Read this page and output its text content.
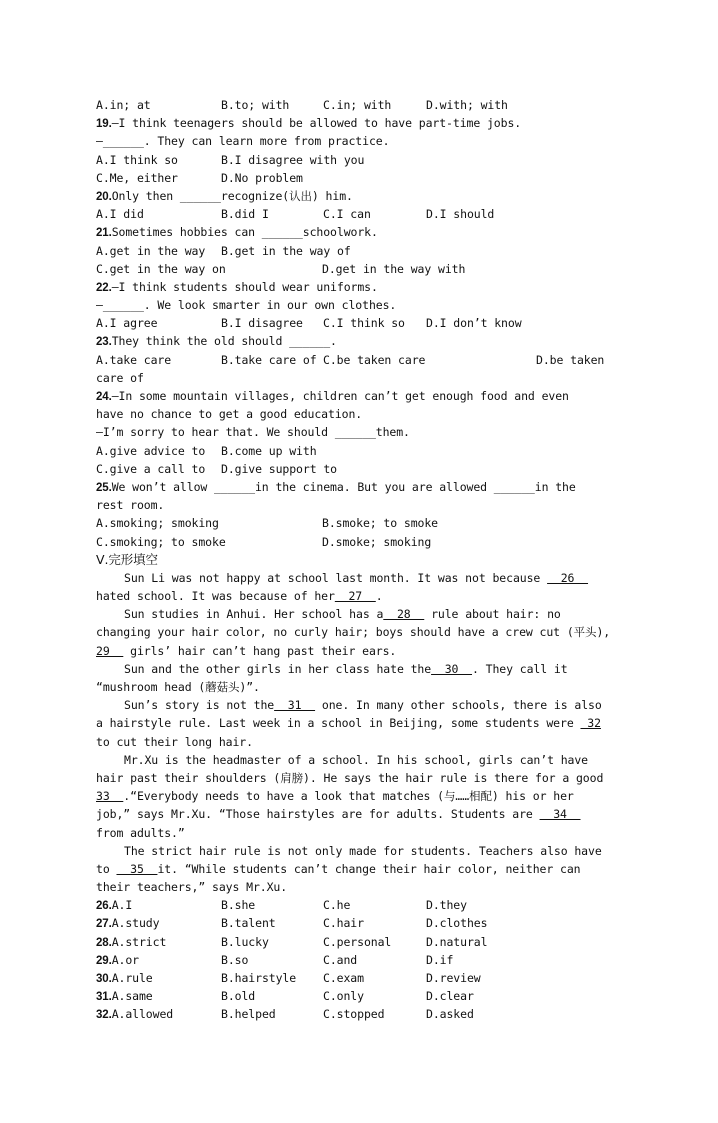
A.in; at	B.to; with	C.in; with	D.with; with
19.—I think teenagers should be allowed to have part-time jobs.
—______. They can learn more from practice.
A.I think so	B.I disagree with you
C.Me, either	D.No problem
20.Only then ______recognize(认出) him.
A.I did	B.did I	C.I can	D.I should
21.Sometimes hobbies can ______schoolwork.
A.get in the way	B.get in the way of
C.get in the way on	D.get in the way with
22.—I think students should wear uniforms.
—______. We look smarter in our own clothes.
A.I agree	B.I disagree	C.I think so	D.I don’t know
23.They think the old should ______.
A.take care	B.take care of C.be taken care	D.be taken
care of
24.—In some mountain villages, children can’t get enough food and even
have no chance to get a good education.
—I’m sorry to hear that. We should ______them.
A.give advice to	B.come up with
C.give a call to	D.give support to
25.We won’t allow ______in the cinema. But you are allowed ______in the
rest room.
A.smoking; smoking	B.smoke; to smoke
C.smoking; to smoke	D.smoke; smoking
Ⅴ.完形填空
Sun Li was not happy at school last month. It was not because   26
hated school. It was because of her  27  .
Sun studies in Anhui. Her school has a  28   rule about hair: no
changing your hair color, no curly hair; boys should have a crew cut (平头),
29   girls’ hair can’t hang past their ears.
Sun and the other girls in her class hate the  30  . They call it
“mushroom head (蘑菇头)”.
Sun’s story is not the  31   one. In many other schools, there is also
a hairstyle rule. Last week in a school in Beijing, some students were  32
to cut their long hair.
Mr.Xu is the headmaster of a school. In his school, girls can’t have
hair past their shoulders (肩膀). He says the hair rule is there for a good
33  .“Everybody needs to have a look that matches (与……相配) his or her
job,” says Mr.Xu. “Those hairstyles are for adults. Students are   34
from adults.”
The strict hair rule is not only made for students. Teachers also have
to   35  it. “While students can’t change their hair color, neither can
their teachers,” says Mr.Xu.
26.A.I	B.she	C.he	D.they
27.A.study	B.talent	C.hair	D.clothes
28.A.strict	B.lucky	C.personal	D.natural
29.A.or	B.so	C.and	D.if
30.A.rule	B.hairstyle	C.exam	D.review
31.A.same	B.old	C.only	D.clear
32.A.allowed	B.helped	C.stopped	D.asked
